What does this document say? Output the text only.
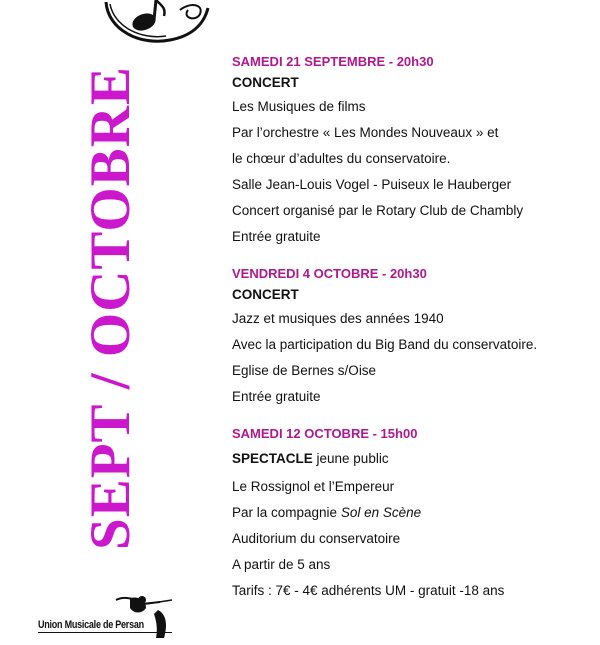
SEPT / OCTOBRE
SAMEDI 21 SEPTEMBRE - 20h30
CONCERT
Les Musiques de films
Par l’orchestre « Les Mondes Nouveaux » et
le chœur d’adultes du conservatoire.
Salle Jean-Louis Vogel - Puiseux le Hauberger
Concert organisé par le Rotary Club de Chambly
Entrée gratuite
VENDREDI 4 OCTOBRE - 20h30
CONCERT
Jazz et musiques des années 1940
Avec la participation du Big Band du conservatoire.
Eglise de Bernes s/Oise
Entrée gratuite
SAMEDI 12 OCTOBRE - 15h00
SPECTACLE jeune public
Le Rossignol et l’Empereur
Par la compagnie Sol en Scène
Auditorium du conservatoire
A partir de 5 ans
Tarifs : 7€ - 4€ adhérents UM - gratuit -18 ans
Union Musicale de Persan
